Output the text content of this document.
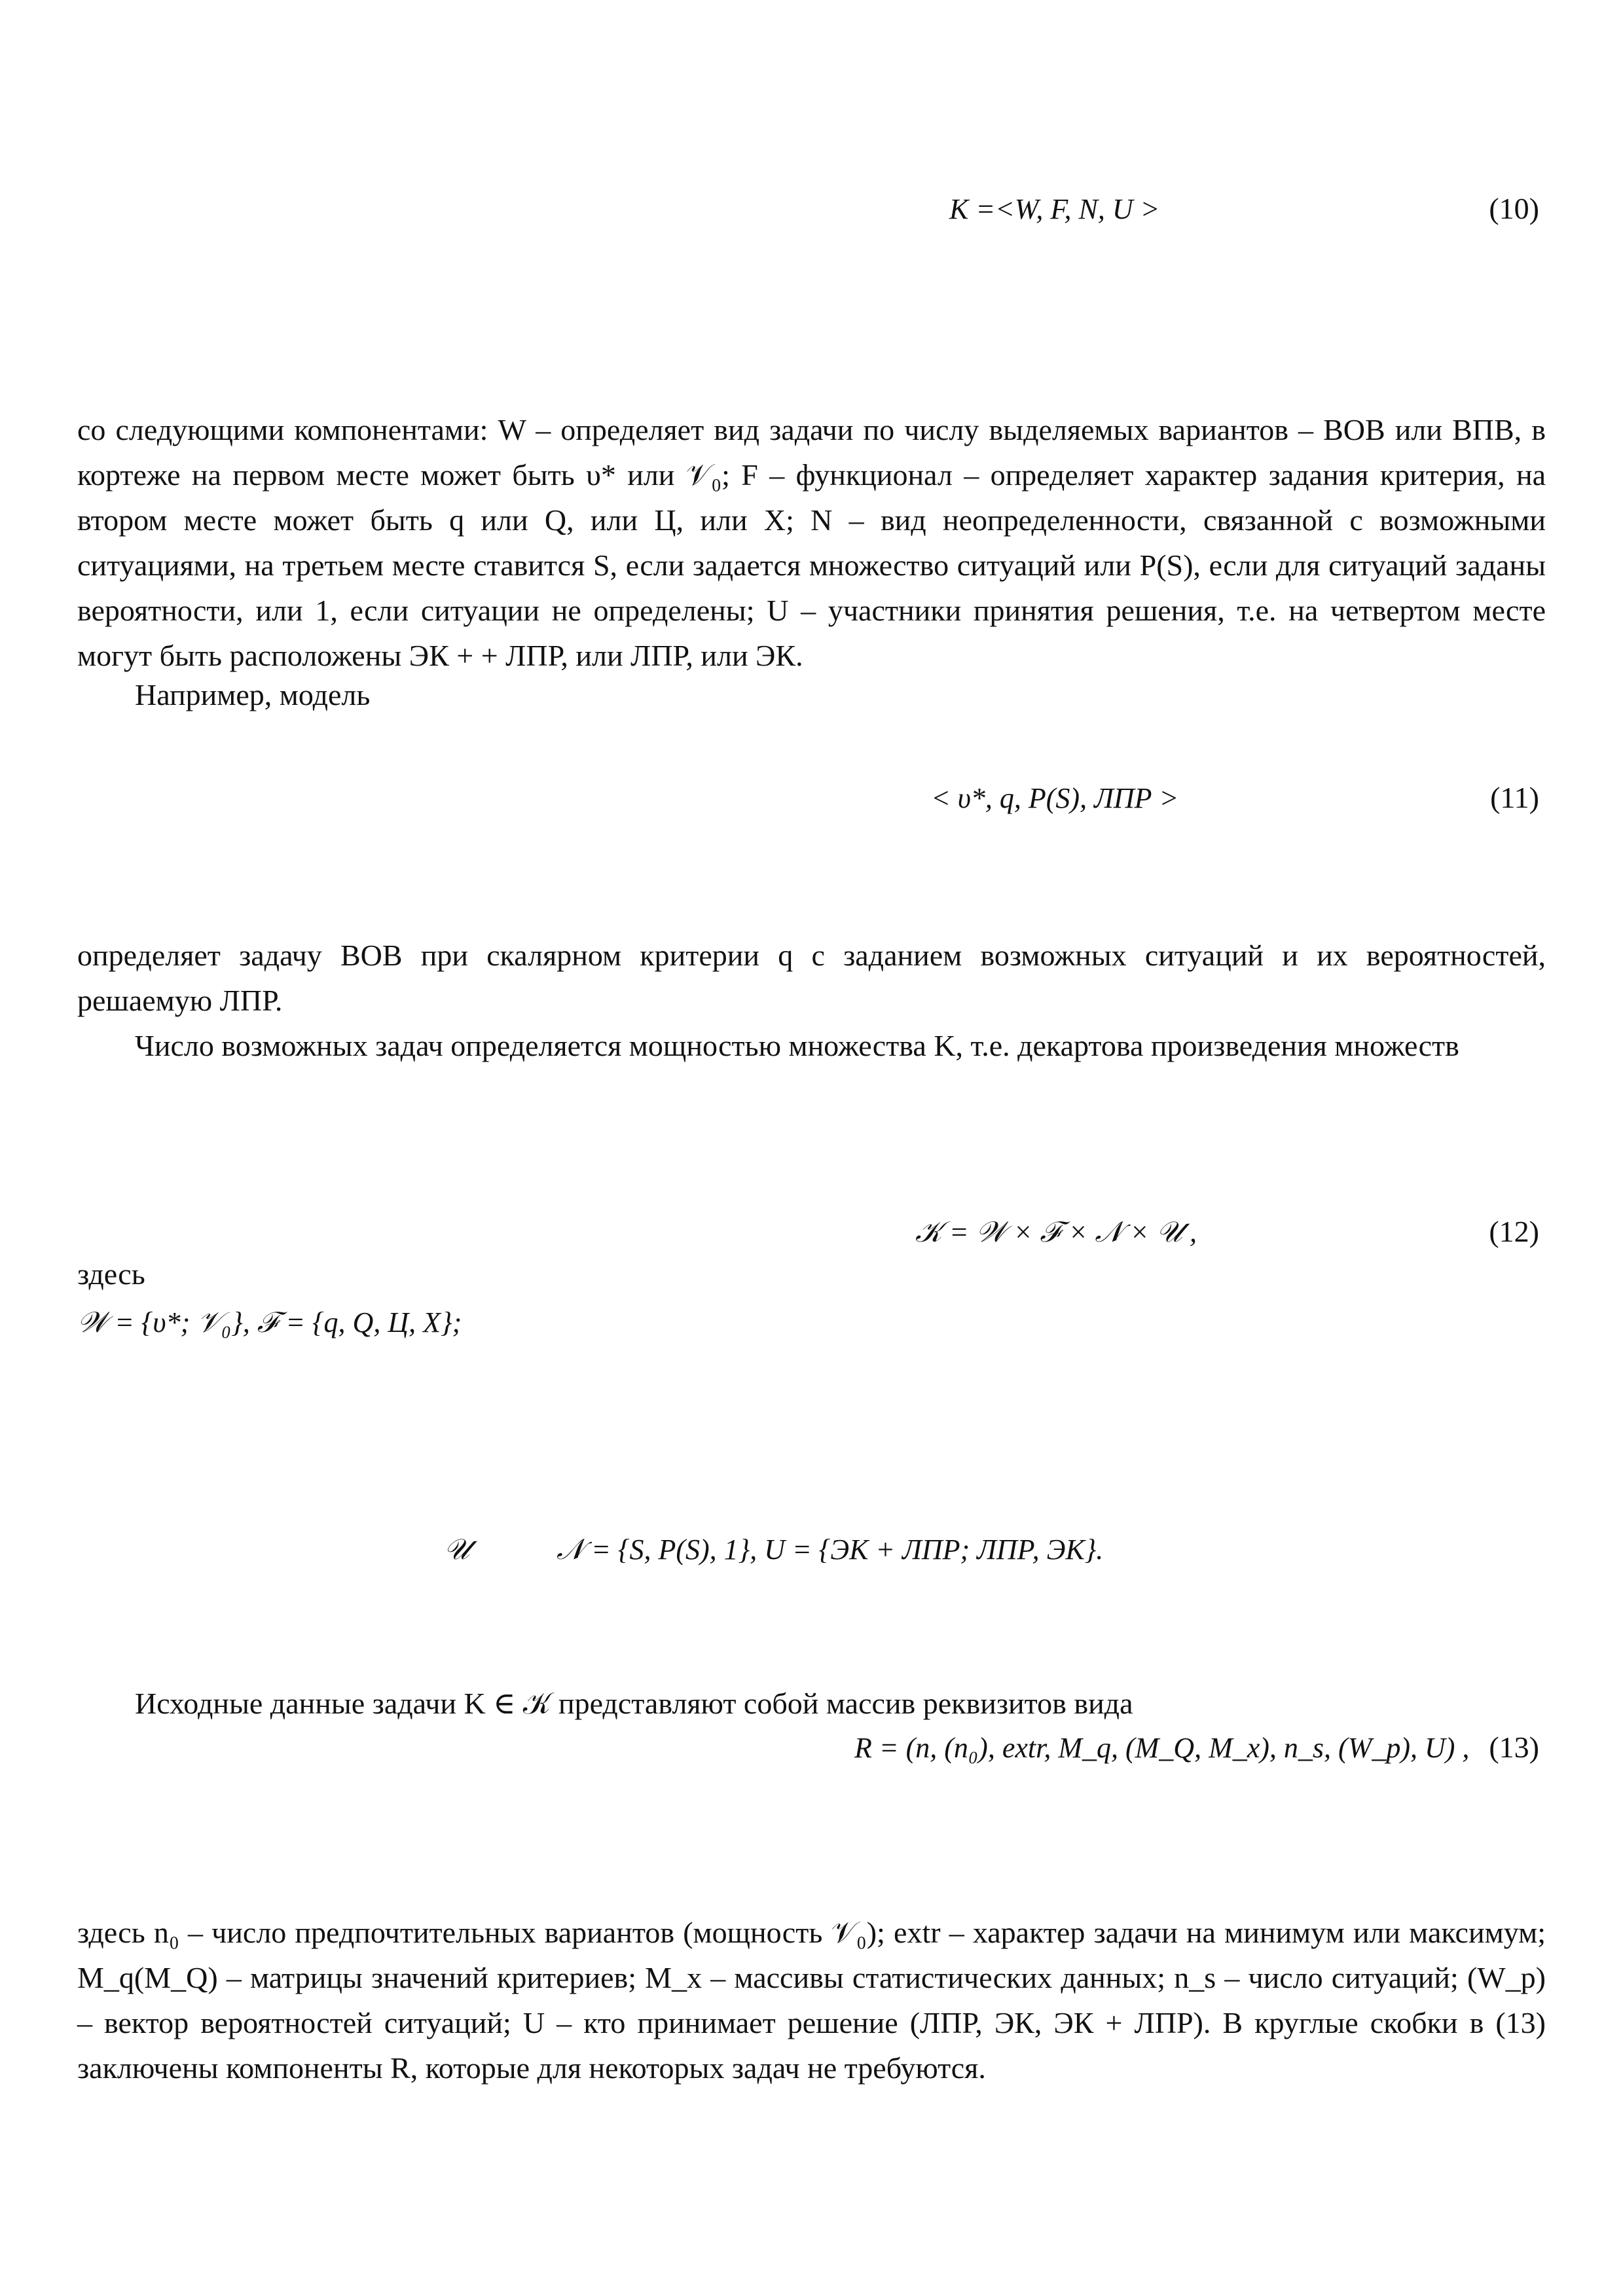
K =<W, F, N, U >	(10)
со следующими компонентами: W – определяет вид задачи по числу выделяемых вариантов – ВОВ или ВПВ, в кортеже на первом месте может быть υ* или 𝒱₀; F – функционал – определяет характер задания критерия, на втором месте может быть q или Q, или Ц, или X; N – вид неопределенности, связанной с возможными ситуациями, на третьем месте ставится S, если задается множество ситуаций или P(S), если для ситуаций заданы вероятности, или 1, если ситуации не определены; U – участники принятия решения, т.е. на четвертом месте могут быть расположены ЭК + + ЛПР, или ЛПР, или ЭК.
Например, модель
< υ*, q, P(S), ЛПР >	(11)
определяет задачу ВОВ при скалярном критерии q с заданием возможных ситуаций и их вероятностей, решаемую ЛПР.
Число возможных задач определяется мощностью множества K, т.е. декартова произведения множеств
𝒦 = 𝒲 × ℱ × 𝒩 × 𝒰 ,	(12)
здесь
𝒲 = {υ*; 𝒱₀}, ℱ = {q, Q, Ц, X};
𝒰	𝒩 = {S, P(S), 1}, U = {ЭК + ЛПР; ЛПР, ЭК}.
Исходные данные задачи K ∈ 𝒦 представляют собой массив реквизитов вида
R = (n, (n₀), extr, M_q, (M_Q, M_x), n_s, (W_p), U) , (13)
здесь n₀ – число предпочтительных вариантов (мощность 𝒱₀); extr – характер задачи на минимум или максимум; M_q(M_Q) – матрицы значений критериев; M_x – массивы статистических данных; n_s – число ситуаций; (W_p) – вектор вероятностей ситуаций; U – кто принимает решение (ЛПР, ЭК, ЭК + ЛПР). В круглые скобки в (13) заключены компоненты R, которые для некоторых задач не требуются.
